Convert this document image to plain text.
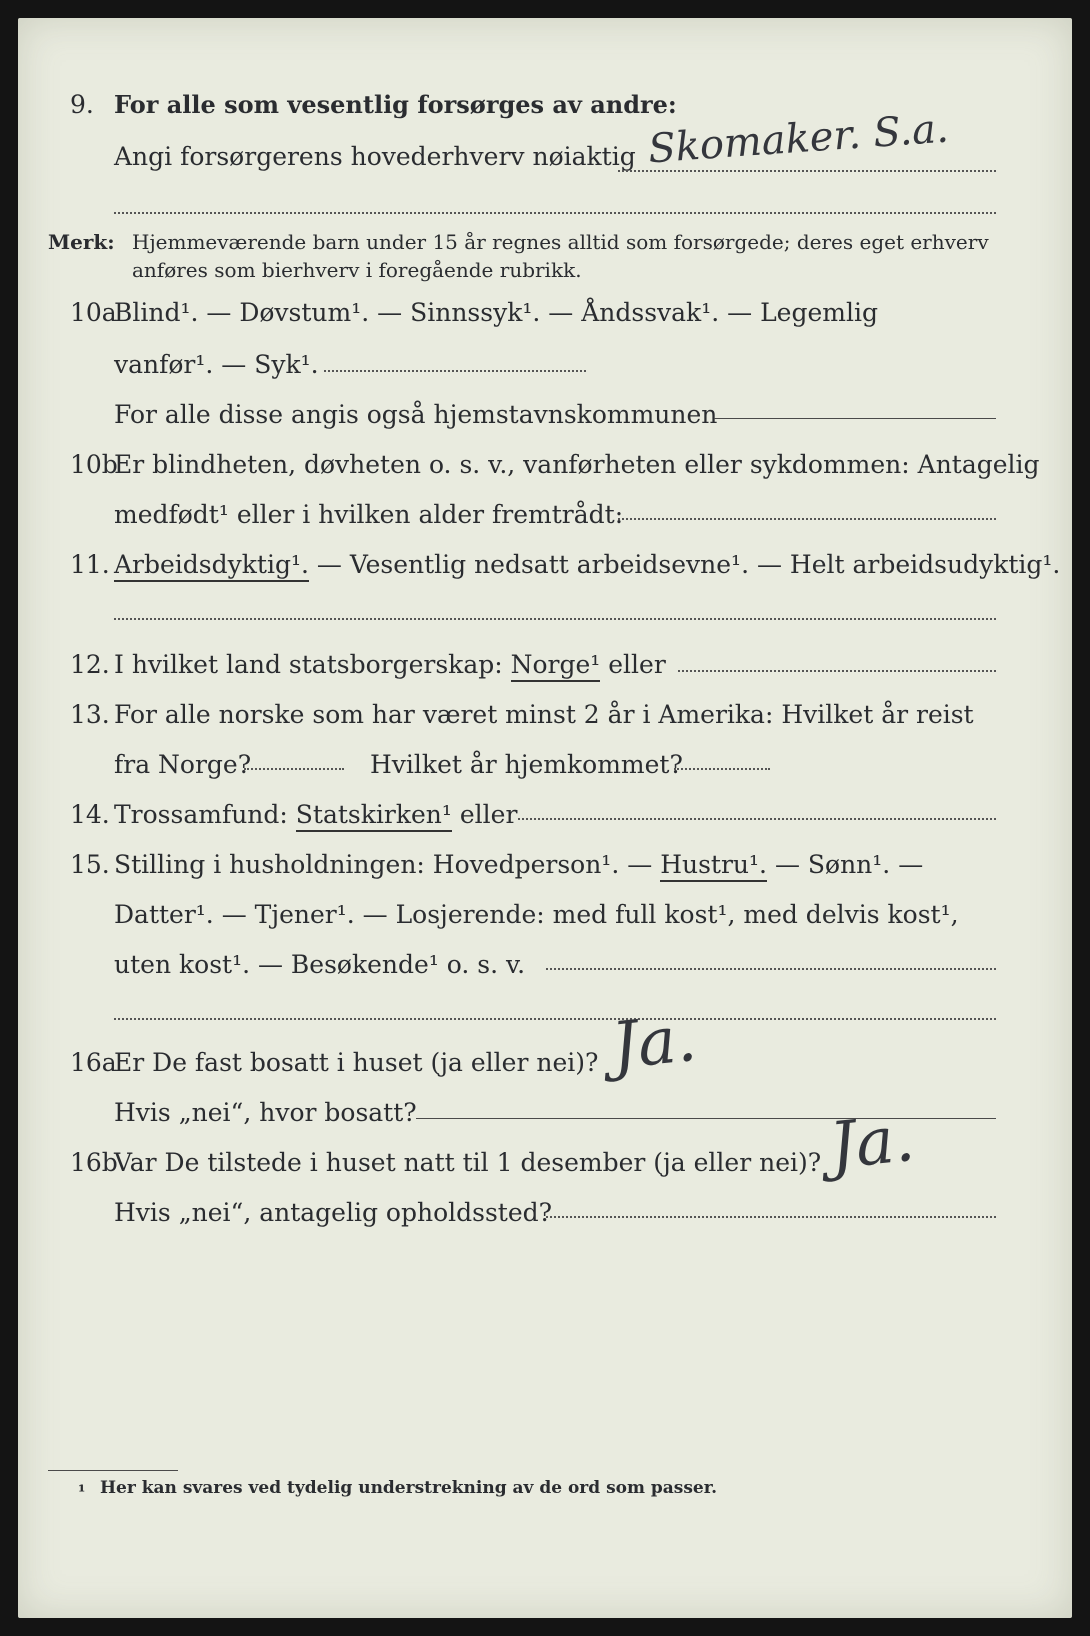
9. For alle som vesentlig forsørges av andre:
Angi forsørgerens hovederhverv nøiaktig Skomaker. S.a.
Merk: Hjemmeværende barn under 15 år regnes alltid som forsørgede; deres eget erhverv
anføres som bierhverv i foregående rubrikk.
10a
Blind¹. — Døvstum¹. — Sinnssyk¹. — Åndssvak¹. — Legemlig
vanfør¹. — Syk¹.
For alle disse angis også hjemstavnskommunen
10b
Er blindheten, døvheten o. s. v., vanførheten eller sykdommen: Antagelig
medfødt¹ eller i hvilken alder fremtrådt:
11. Arbeidsdyktig¹. — Vesentlig nedsatt arbeidsevne¹. — Helt arbeidsudyktig¹.
12. I hvilket land statsborgerskap: Norge¹ eller
13. For alle norske som har været minst 2 år i Amerika: Hvilket år reist
fra Norge?	Hvilket år hjemkommet?
14. Trossamfund: Statskirken¹ eller
15. Stilling i husholdningen: Hovedperson¹. — Hustru¹. — Sønn¹. —
Datter¹. — Tjener¹. — Losjerende: med full kost¹, med delvis kost¹,
uten kost¹. — Besøkende¹ o. s. v.
16a
Er De fast bosatt i huset (ja eller nei)? Ja.
Hvis „nei“, hvor bosatt?
16b
Var De tilstede i huset natt til 1 desember (ja eller nei)? Ja.
Hvis „nei“, antagelig opholdssted?
¹ Her kan svares ved tydelig understrekning av de ord som passer.
